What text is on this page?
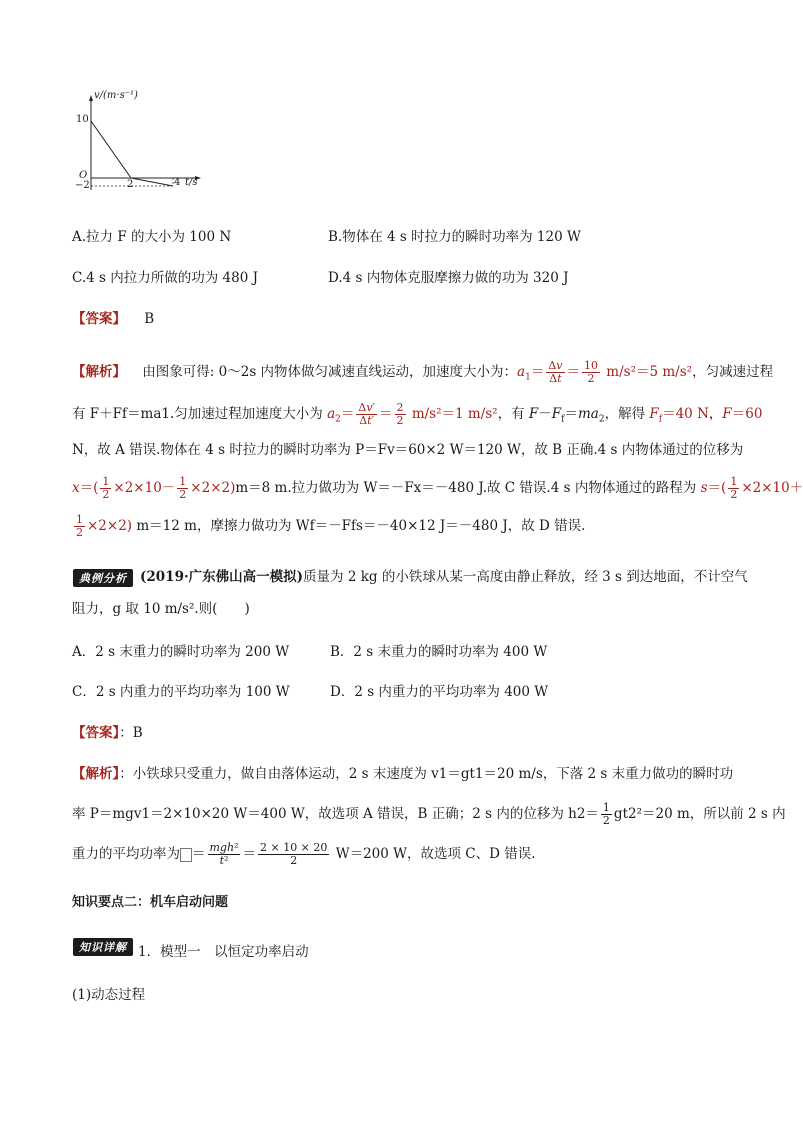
v/(m·s⁻¹)
10
O
−2	2	4 t/s
A.拉力 F 的大小为 100 N	B.物体在 4 s 时拉力的瞬时功率为 120 W
C.4 s 内拉力所做的功为 480 J	D.4 s 内物体克服摩擦力做的功为 320 J
【答案】 B
【解析】 由图象可得: 0～2s 内物体做匀减速直线运动，加速度大小为：$a_1= \frac{\Delta v}{\Delta t} = \frac{10}{2} m/s^2=5$ m/s²，匀减速过程
有 F＋Ff＝ma1.匀加速过程加速度大小为 $a_2= \frac{\Delta v'}{\Delta t'} = \frac{2}{2} m/s^2=1$ m/s²，有 $F-F_f=ma_2$，解得 $F_f=40$ N，F＝60
N，故 A 错误.物体在 4 s 时拉力的瞬时功率为 P＝Fv＝60×2 W＝120 W，故 B 正确.4 s 内物体通过的位移为
$x=( \frac{1}{2} \times 2\times 10- \frac{1}{2} \times 2\times 2)m=8$ m.拉力做功为 W＝－Fx＝－480 J.故 C 错误.4 s 内物体通过的路程为 $s=( \frac{1}{2} \times 2\times 10+$
$\frac{1}{2} \times 2\times 2$) m＝12 m，摩擦力做功为 Wf＝－Ffs＝－40×12 J＝－480 J，故 D 错误.
典例分析 (2019·广东佛山高一模拟)质量为 2 kg 的小铁球从某一高度由静止释放，经 3 s 到达地面，不计空气
阻力，g 取 10 m/s².则(　　)
A．2 s 末重力的瞬时功率为 200 W	B．2 s 末重力的瞬时功率为 400 W
C．2 s 内重力的平均功率为 100 W	D．2 s 内重力的平均功率为 400 W
【答案】：B
【解析】：小铁球只受重力，做自由落体运动，2 s 末速度为 v1＝gt1＝20 m/s，下落 2 s 末重力做功的瞬时功
率 P＝mgv1＝2×10×20 W＝400 W，故选项 A 错误，B 正确；2 s 内的位移为 $h2= \frac{1}{2} gt2^2=20$ m，所以前 2 s 内
重力的平均功率为 ＝ $\frac{\text{mgh²}}{\text{t²}} = \frac{2 \times 10 \times 20}{2} W=200$ W，故选项 C、D 错误.
知识要点二：机车启动问题
知识详解 1．模型一　以恒定功率启动
(1)动态过程
